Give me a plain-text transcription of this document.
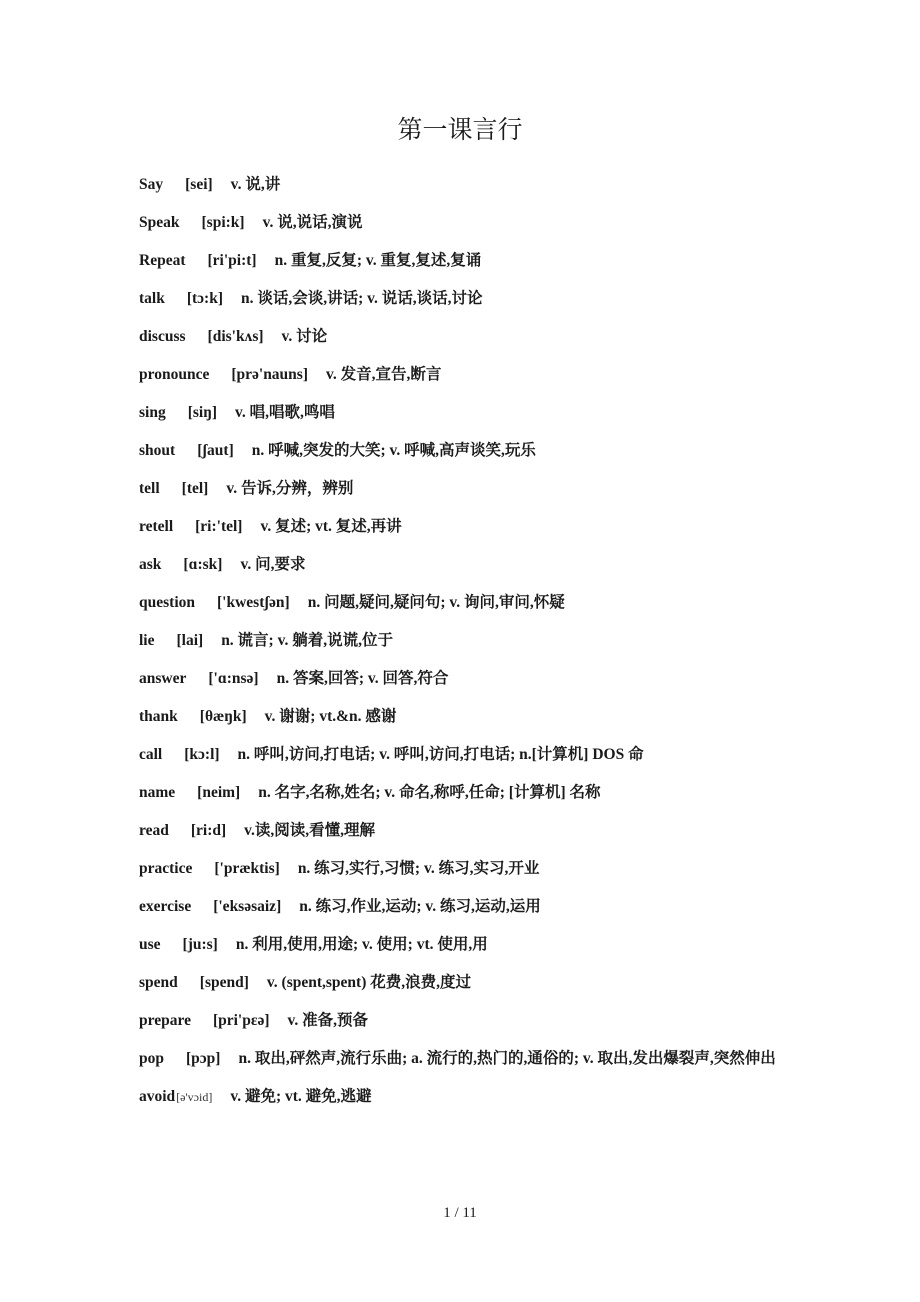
第一课言行
Say [sei] v. 说,讲
Speak [spi:k] v. 说,说话,演说
Repeat [ri'pi:t] n. 重复,反复; v. 重复,复述,复诵
talk [tɔ:k] n. 谈话,会谈,讲话; v. 说话,谈话,讨论
discuss [dis'kʌs] v. 讨论
pronounce [prə'nauns] v. 发音,宣告,断言
sing [siŋ] v. 唱,唱歌,鸣唱
shout [ʃaut] n. 呼喊,突发的大笑; v. 呼喊,高声谈笑,玩乐
tell [tel] v. 告诉,分辨，辨别
retell [ri:'tel] v. 复述; vt. 复述,再讲
ask [ɑ:sk] v. 问,要求
question ['kwestʃən] n. 问题,疑问,疑问句; v. 询问,审问,怀疑
lie [lai] n. 谎言; v. 躺着,说谎,位于
answer ['ɑ:nsə] n. 答案,回答; v. 回答,符合
thank [θæŋk] v. 谢谢; vt.&n. 感谢
call [kɔ:l] n. 呼叫,访问,打电话; v. 呼叫,访问,打电话; n.[计算机] DOS 命
name [neim] n. 名字,名称,姓名; v. 命名,称呼,任命; [计算机] 名称
read [ri:d] v.读,阅读,看懂,理解
practice ['præktis] n. 练习,实行,习惯; v. 练习,实习,开业
exercise ['eksəsaiz] n. 练习,作业,运动; v. 练习,运动,运用
use [ju:s] n. 利用,使用,用途; v. 使用; vt. 使用,用
spend [spend] v. (spent,spent) 花费,浪费,度过
prepare [pri'pɛə] v. 准备,预备
pop [pɔp] n. 取出,砰然声,流行乐曲; a. 流行的,热门的,通俗的; v. 取出,发出爆裂声,突然伸出
avoid[ə'vɔid] v. 避免; vt. 避免,逃避
1 / 11
